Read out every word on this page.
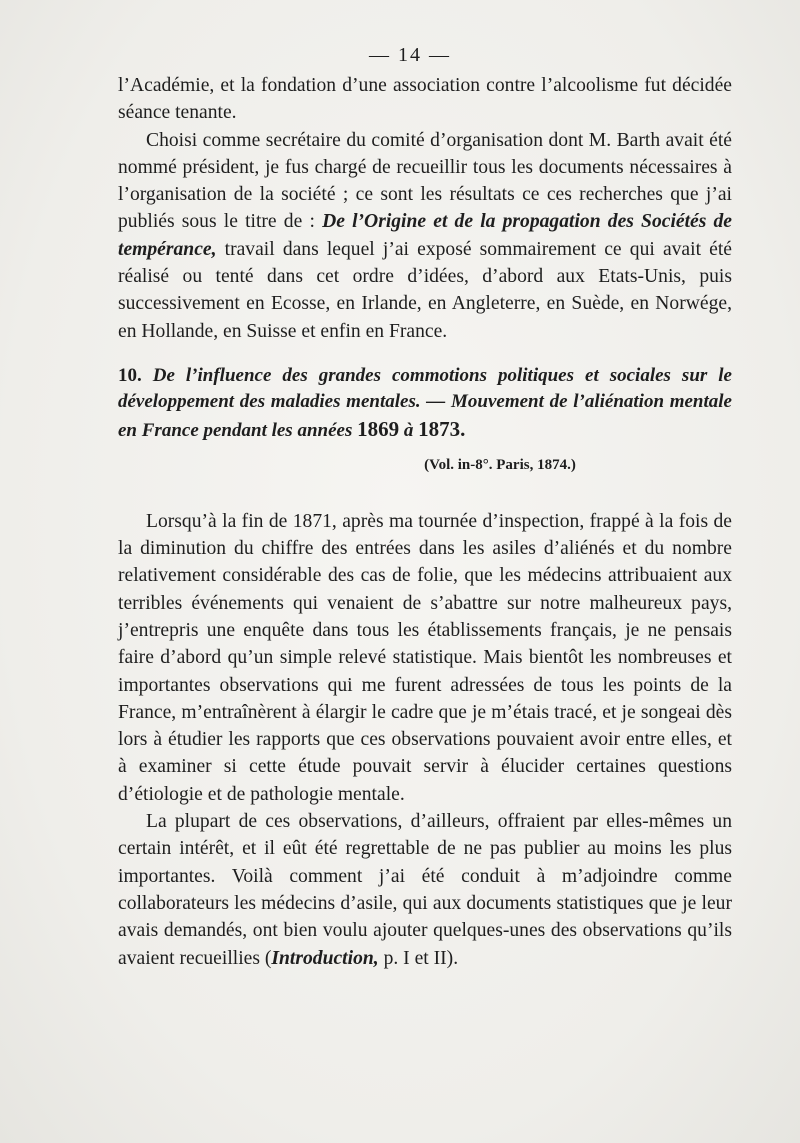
— 14 —

l’Académie, et la fondation d’une association contre l’alcoolisme fut décidée séance tenante.

Choisi comme secrétaire du comité d’organisation dont M. Barth avait été nommé président, je fus chargé de recueillir tous les documents nécessaires à l’organisation de la société ; ce sont les résultats ce ces recherches que j’ai publiés sous le titre de : De l’Origine et de la propagation des Sociétés de tempérance, travail dans lequel j’ai exposé sommairement ce qui avait été réalisé ou tenté dans cet ordre d’idées, d’abord aux Etats-Unis, puis successivement en Ecosse, en Irlande, en Angleterre, en Suède, en Norwége, en Hollande, en Suisse et enfin en France.

10. De l’influence des grandes commotions politiques et sociales sur le développement des maladies mentales. — Mouvement de l’aliénation mentale en France pendant les années 1869 à 1873.

(Vol. in-8°. Paris, 1874.)

Lorsqu’à la fin de 1871, après ma tournée d’inspection, frappé à la fois de la diminution du chiffre des entrées dans les asiles d’aliénés et du nombre relativement considérable des cas de folie, que les médecins attribuaient aux terribles événements qui venaient de s’abattre sur notre malheureux pays, j’entrepris une enquête dans tous les établissements français, je ne pensais faire d’abord qu’un simple relevé statistique. Mais bientôt les nombreuses et importantes observations qui me furent adressées de tous les points de la France, m’entraînèrent à élargir le cadre que je m’étais tracé, et je songeai dès lors à étudier les rapports que ces observations pouvaient avoir entre elles, et à examiner si cette étude pouvait servir à élucider certaines questions d’étiologie et de pathologie mentale.

La plupart de ces observations, d’ailleurs, offraient par elles-mêmes un certain intérêt, et il eût été regrettable de ne pas publier au moins les plus importantes. Voilà comment j’ai été conduit à m’adjoindre comme collaborateurs les médecins d’asile, qui aux documents statistiques que je leur avais demandés, ont bien voulu ajouter quelques-unes des observations qu’ils avaient recueillies (Introduction, p. I et II).
